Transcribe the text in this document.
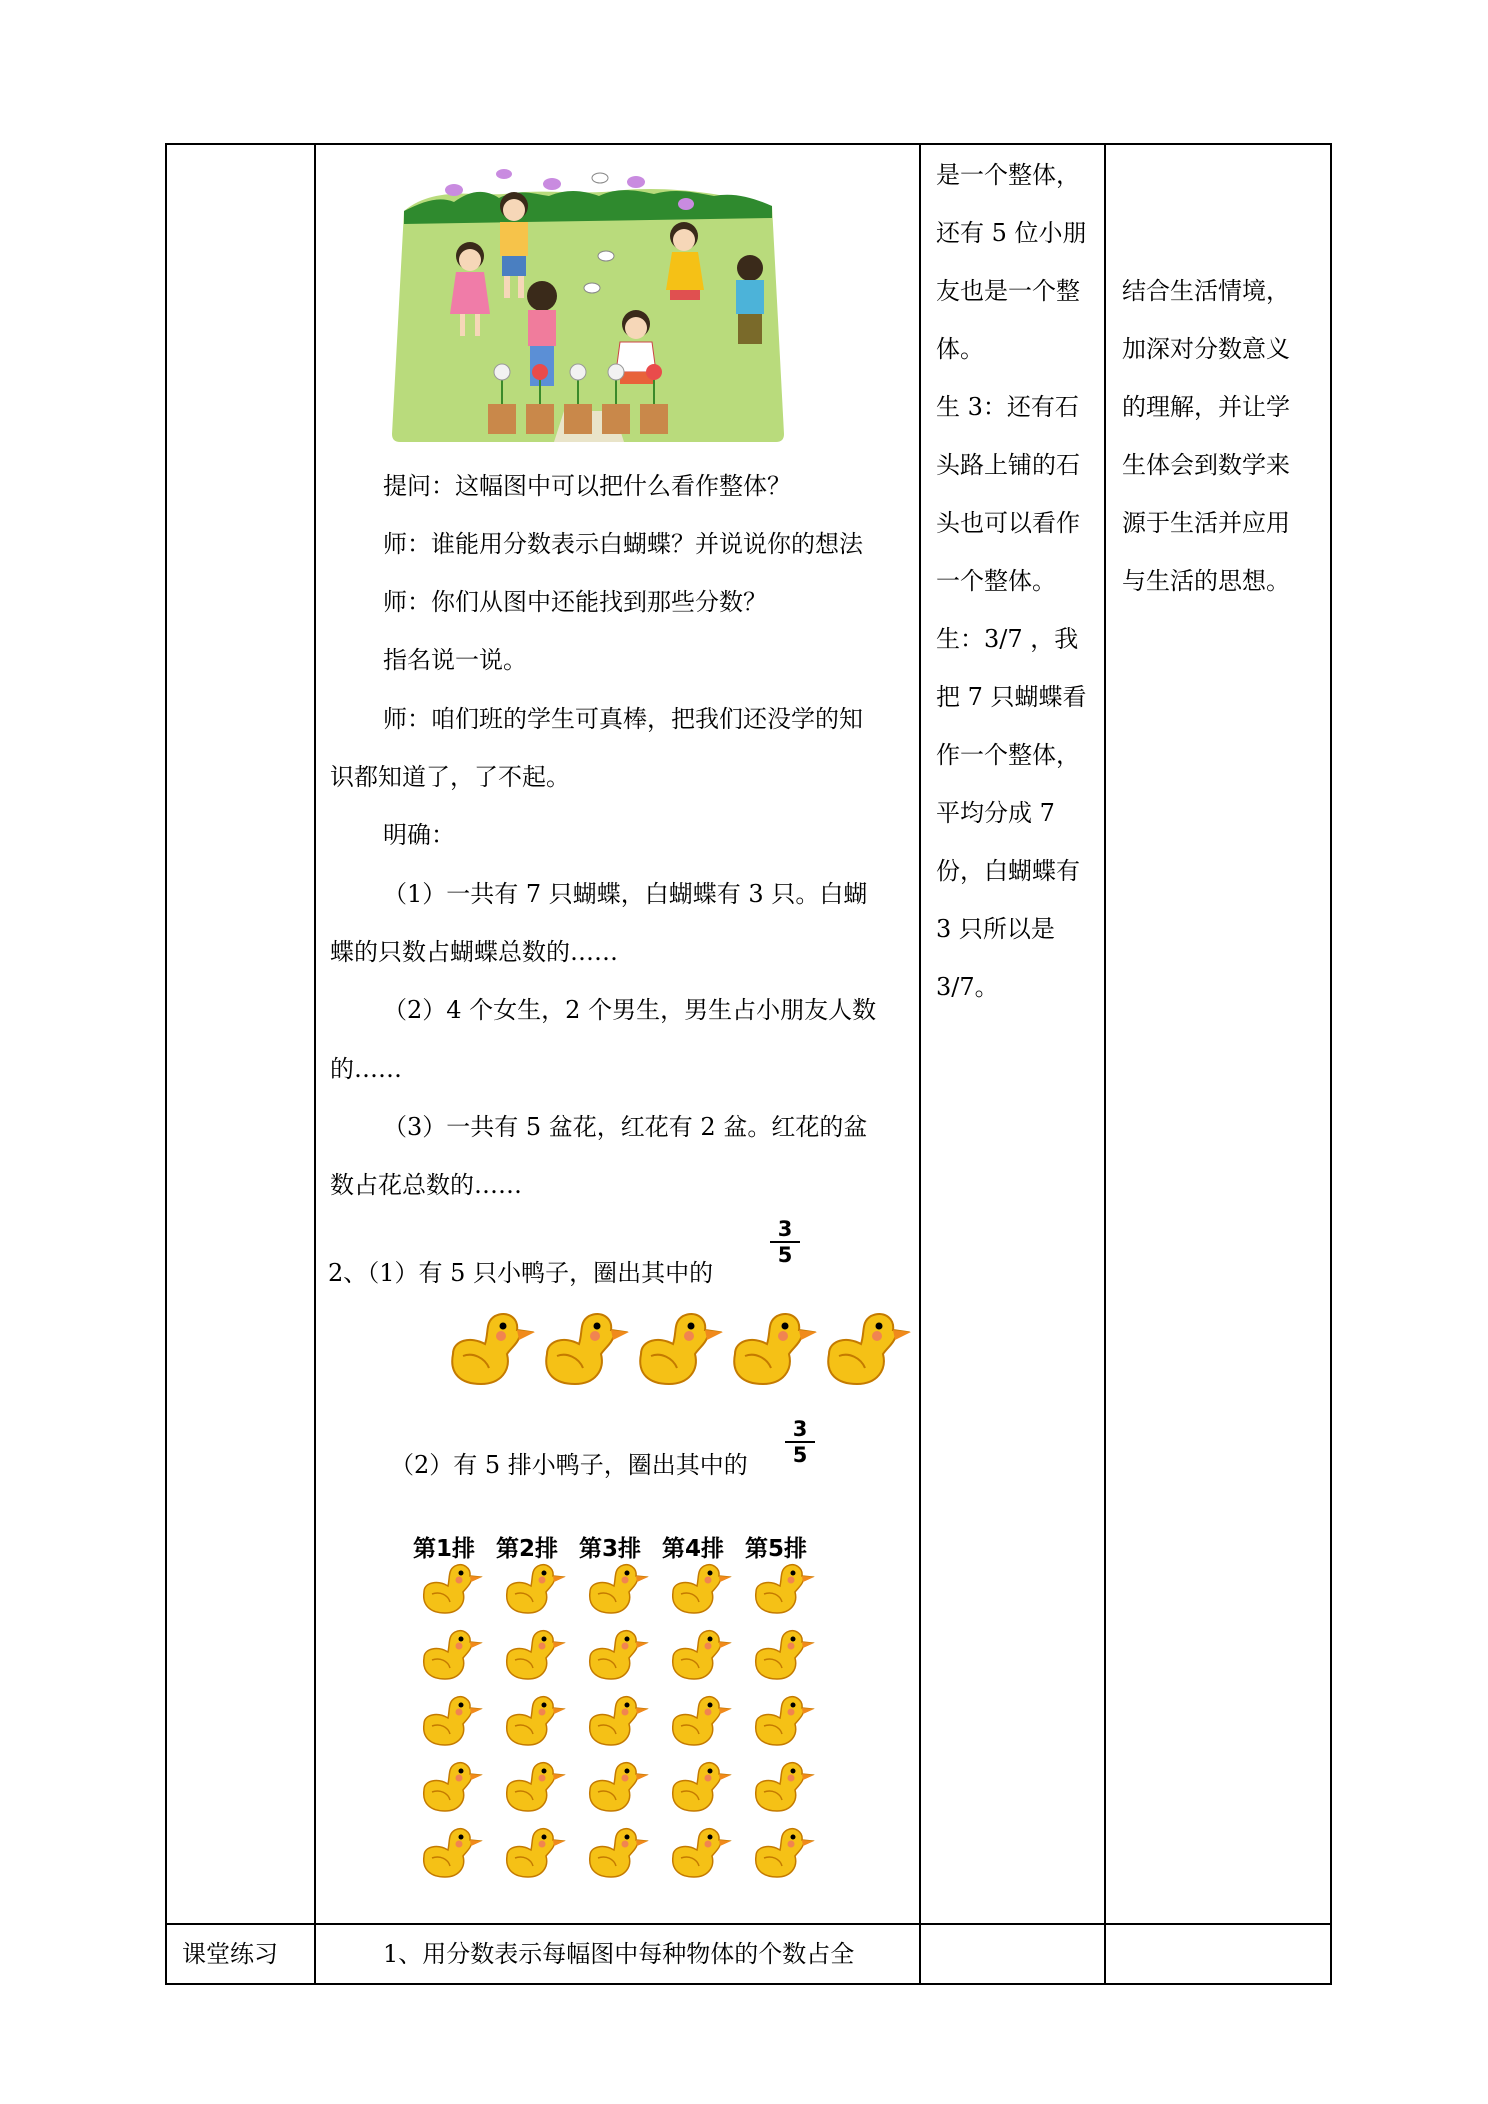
提问：这幅图中可以把什么看作整体？
师：谁能用分数表示白蝴蝶？并说说你的想法
师：你们从图中还能找到那些分数？
指名说一说。
师：咱们班的学生可真棒，把我们还没学的知
识都知道了，了不起。
明确：
（1）一共有 7 只蝴蝶，白蝴蝶有 3 只。白蝴
蝶的只数占蝴蝶总数的……
（2）4 个女生，2 个男生，男生占小朋友人数
的……
（3）一共有 5 盆花，红花有 2 盆。红花的盆
数占花总数的……
2、（1）有 5 只小鸭子，圈出其中的
3
5
（2）有 5 排小鸭子，圈出其中的
3
5
第1排 第2排 第3排 第4排 第5排
是一个整体，
还有 5 位小朋
友也是一个整
体。
生 3：还有石
头路上铺的石
头也可以看作
一个整体。
生：3/7 ，我
把 7 只蝴蝶看
作一个整体，
平均分成 7
份，白蝴蝶有
3 只所以是
3/7。
结合生活情境，
加深对分数意义
的理解，并让学
生体会到数学来
源于生活并应用
与生活的思想。
课堂练习	1、用分数表示每幅图中每种物体的个数占全
